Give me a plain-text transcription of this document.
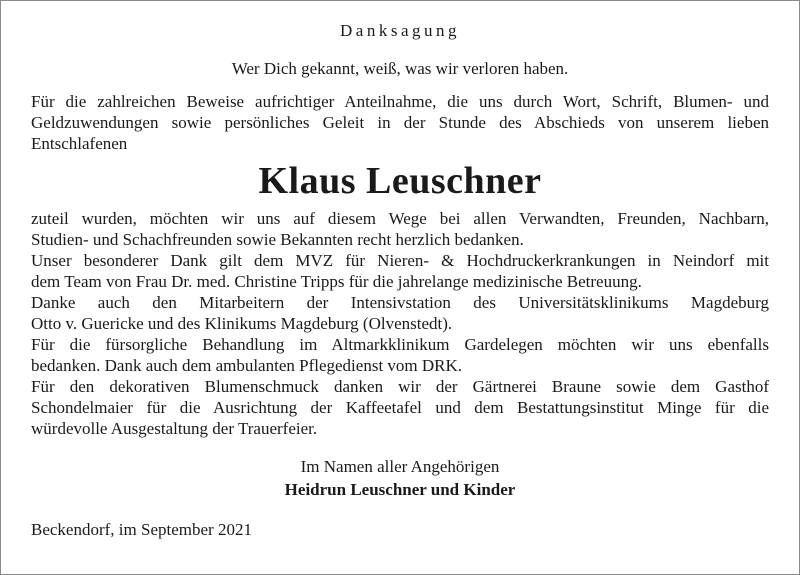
Danksagung
Wer Dich gekannt, weiß, was wir verloren haben.

Für die zahlreichen Beweise aufrichtiger Anteilnahme, die uns durch Wort, Schrift, Blumen- und
Geldzuwendungen sowie persönliches Geleit in der Stunde des Abschieds von unserem lieben
Entschlafenen

Klaus Leuschner

zuteil wurden, möchten wir uns auf diesem Wege bei allen Verwandten, Freunden, Nachbarn,
Studien- und Schachfreunden sowie Bekannten recht herzlich bedanken.
Unser besonderer Dank gilt dem MVZ für Nieren- & Hochdruckerkrankungen in Neindorf mit
dem Team von Frau Dr. med. Christine Tripps für die jahrelange medizinische Betreuung.
Danke auch den Mitarbeitern der Intensivstation des Universitätsklinikums Magdeburg
Otto v. Guericke und des Klinikums Magdeburg (Olvenstedt).
Für die fürsorgliche Behandlung im Altmarkklinikum Gardelegen möchten wir uns ebenfalls
bedanken. Dank auch dem ambulanten Pflegedienst vom DRK.
Für den dekorativen Blumenschmuck danken wir der Gärtnerei Braune sowie dem Gasthof
Schondelmaier für die Ausrichtung der Kaffeetafel und dem Bestattungsinstitut Minge für die
würdevolle Ausgestaltung der Trauerfeier.

Im Namen aller Angehörigen
Heidrun Leuschner und Kinder
Beckendorf, im September 2021
